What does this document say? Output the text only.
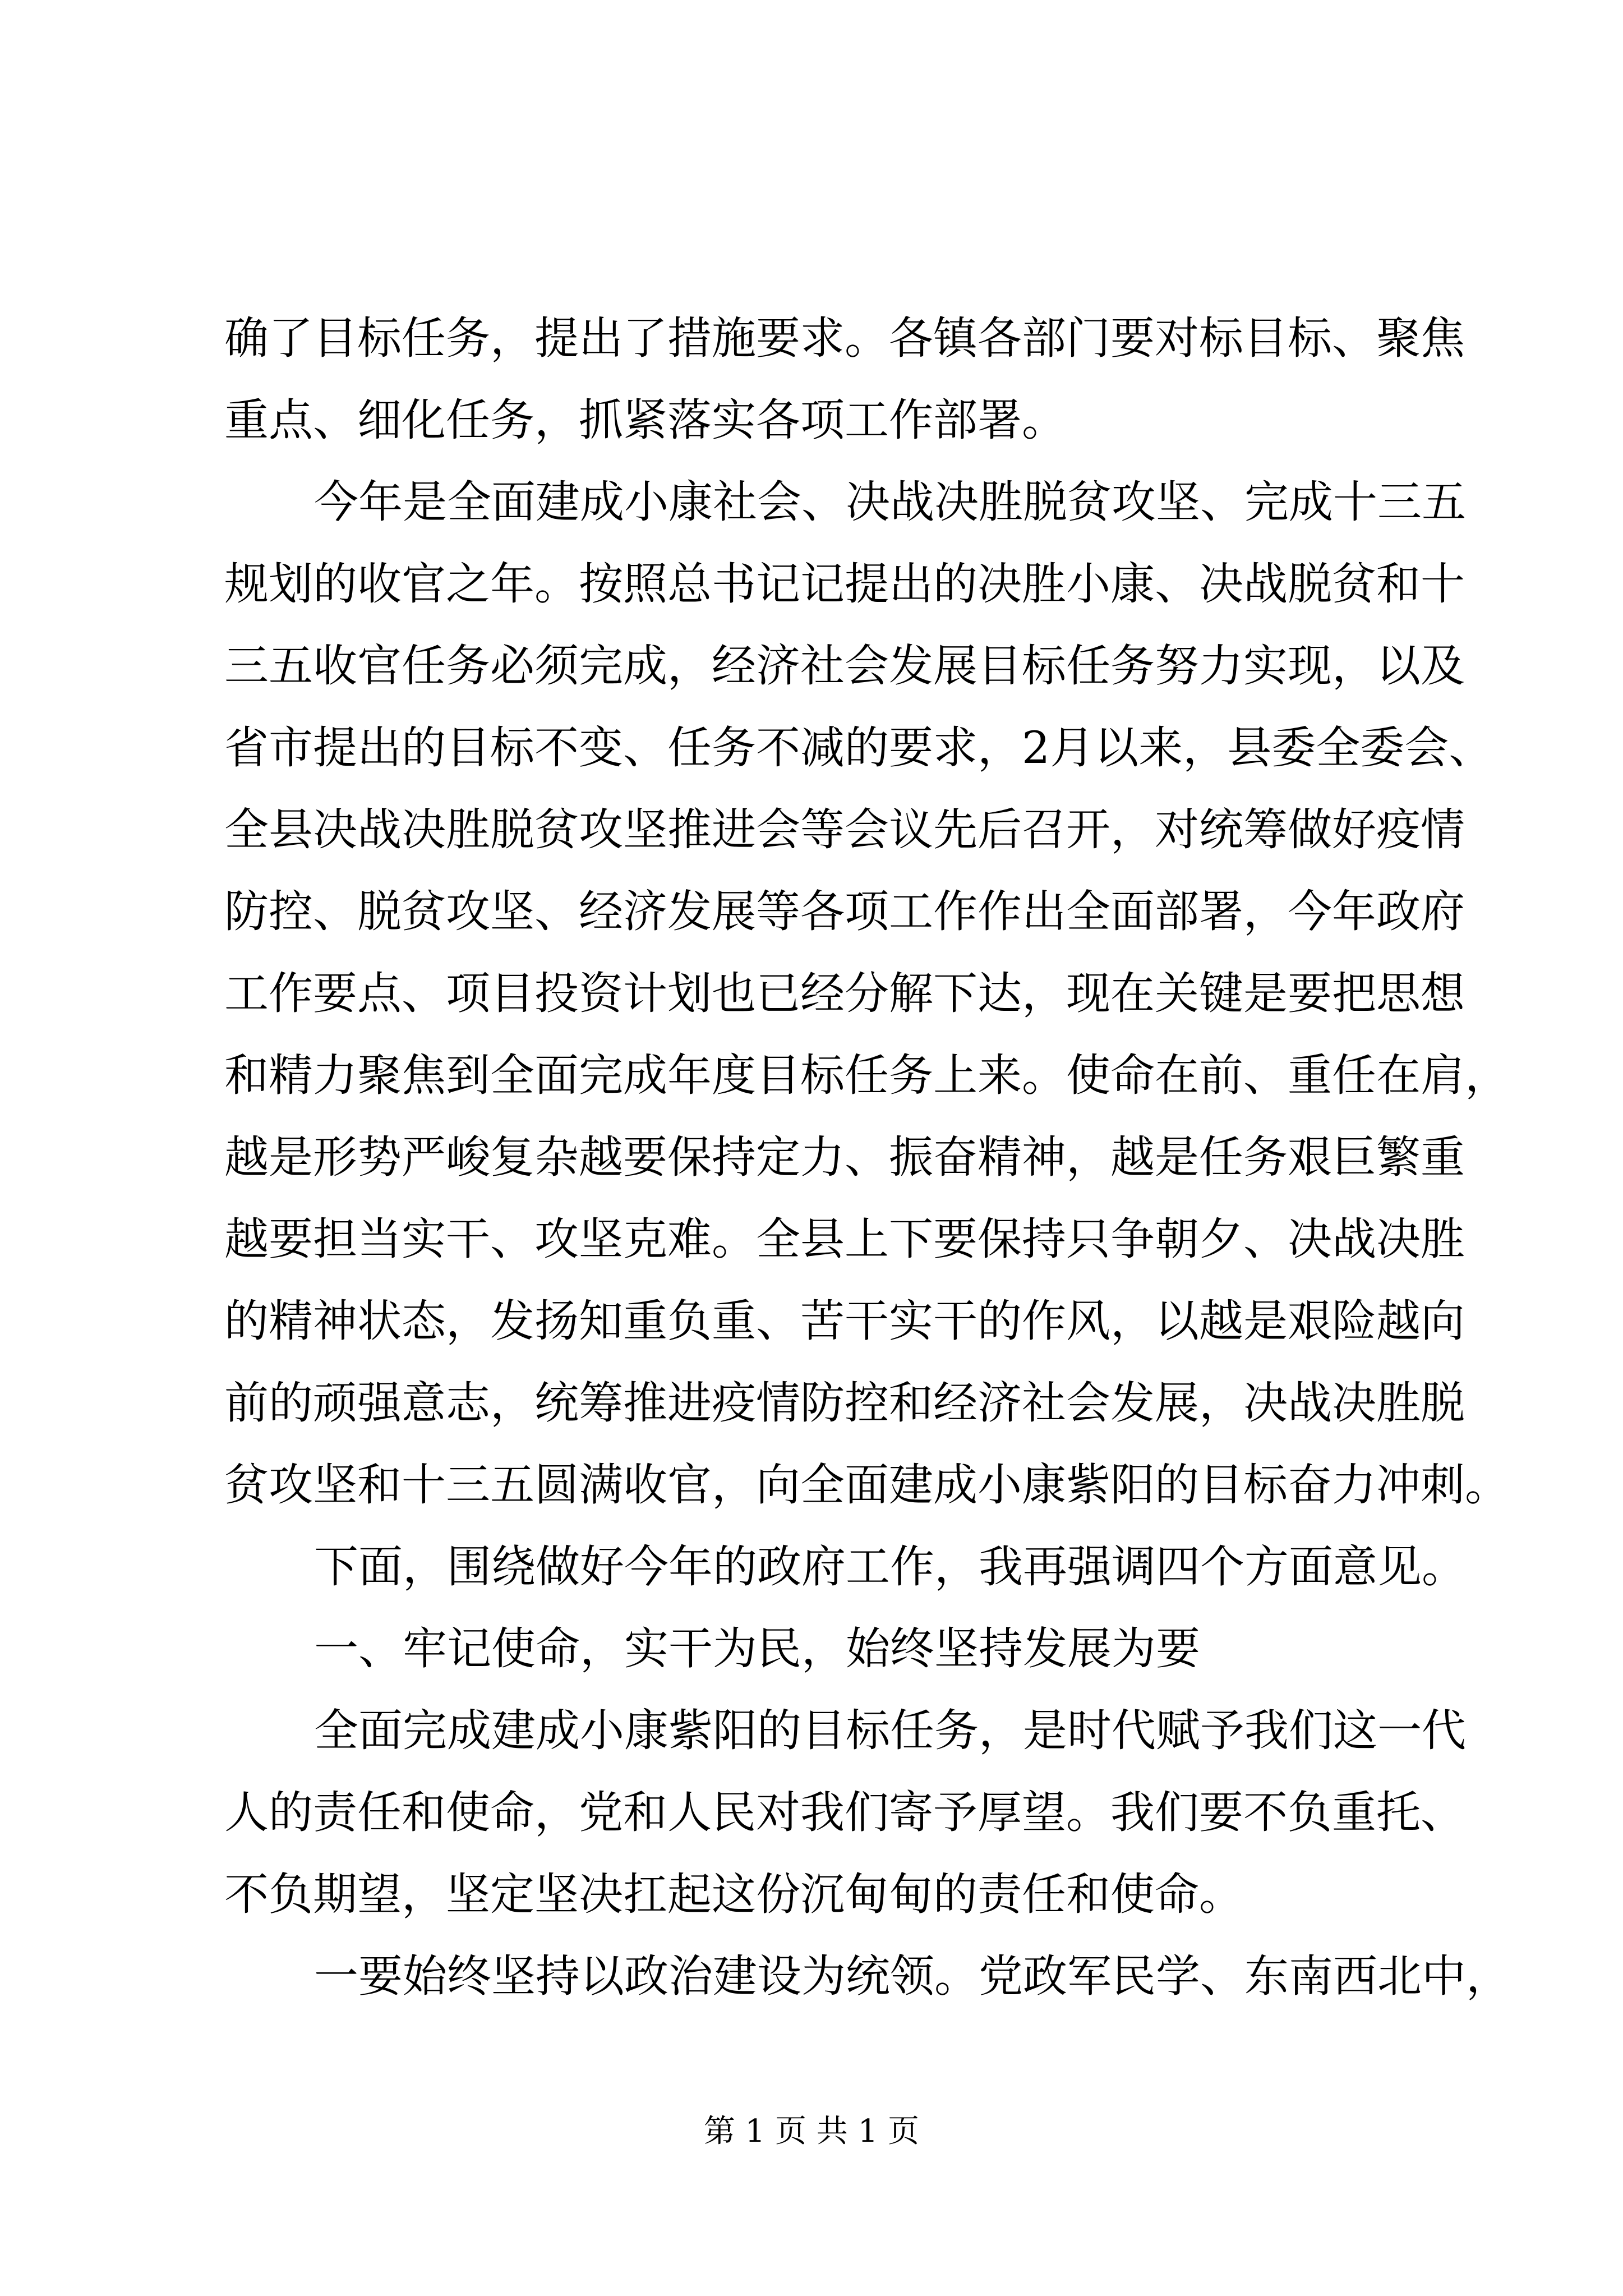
确了目标任务，提出了措施要求。各镇各部门要对标目标、聚焦
重点、细化任务，抓紧落实各项工作部署。
今年是全面建成小康社会、决战决胜脱贫攻坚、完成十三五
规划的收官之年。按照总书记记提出的决胜小康、决战脱贫和十
三五收官任务必须完成，经济社会发展目标任务努力实现，以及
省市提出的目标不变、任务不减的要求，2月以来，县委全委会、
全县决战决胜脱贫攻坚推进会等会议先后召开，对统筹做好疫情
防控、脱贫攻坚、经济发展等各项工作作出全面部署，今年政府
工作要点、项目投资计划也已经分解下达，现在关键是要把思想
和精力聚焦到全面完成年度目标任务上来。使命在前、重任在肩，
越是形势严峻复杂越要保持定力、振奋精神，越是任务艰巨繁重
越要担当实干、攻坚克难。全县上下要保持只争朝夕、决战决胜
的精神状态，发扬知重负重、苦干实干的作风，以越是艰险越向
前的顽强意志，统筹推进疫情防控和经济社会发展，决战决胜脱
贫攻坚和十三五圆满收官，向全面建成小康紫阳的目标奋力冲刺。
下面，围绕做好今年的政府工作，我再强调四个方面意见。
一、牢记使命，实干为民，始终坚持发展为要
全面完成建成小康紫阳的目标任务，是时代赋予我们这一代
人的责任和使命，党和人民对我们寄予厚望。我们要不负重托、
不负期望，坚定坚决扛起这份沉甸甸的责任和使命。
一要始终坚持以政治建设为统领。党政军民学、东南西北中，
第 1 页 共 1 页
